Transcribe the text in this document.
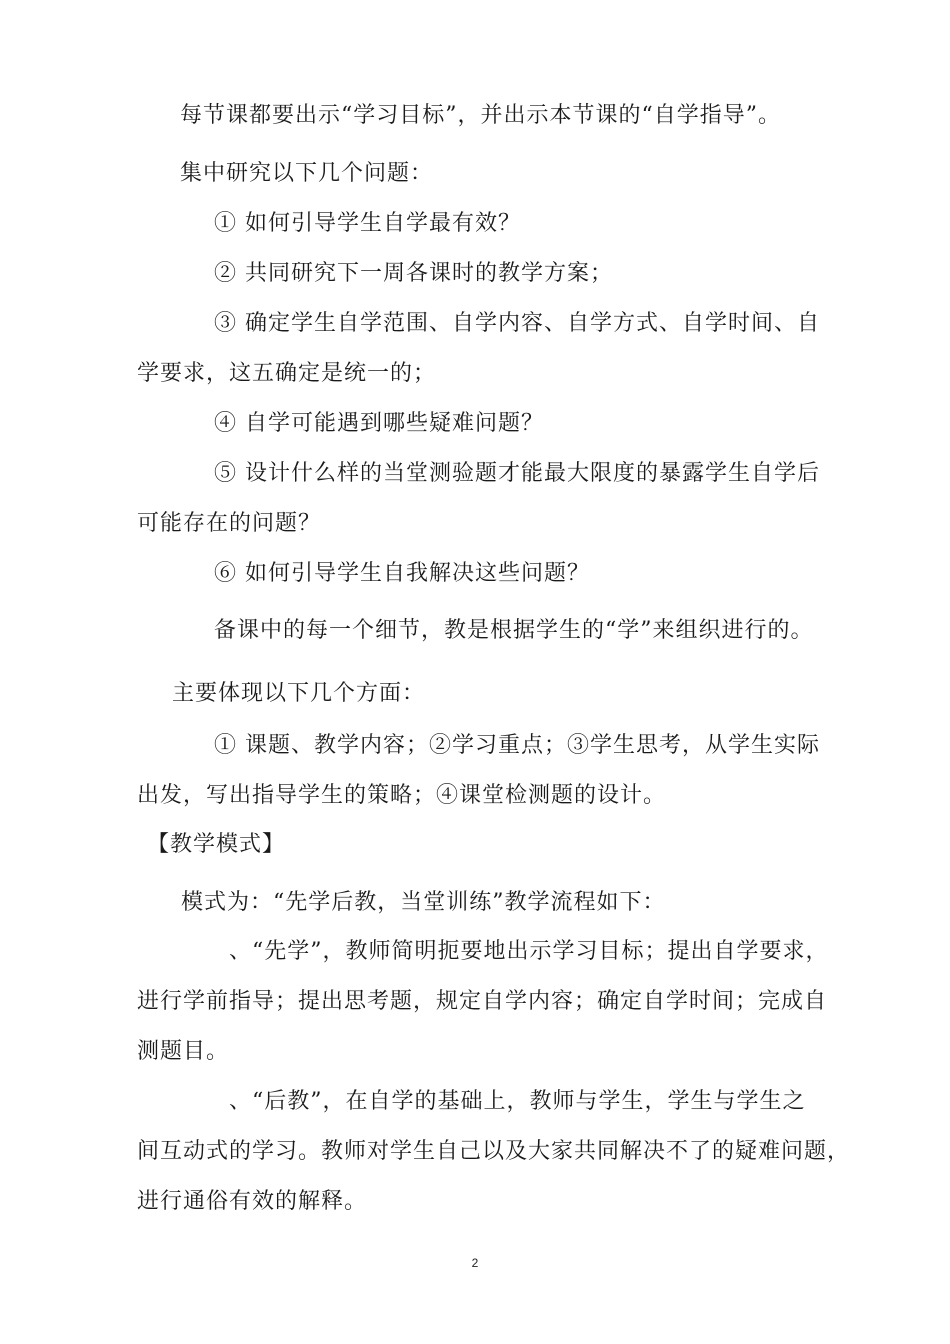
每节课都要出示“学习目标”，并出示本节课的“自学指导”。
集中研究以下几个问题：
① 如何引导学生自学最有效？
② 共同研究下一周各课时的教学方案；
③ 确定学生自学范围、自学内容、自学方式、自学时间、自
学要求，这五确定是统一的；
④ 自学可能遇到哪些疑难问题？
⑤ 设计什么样的当堂测验题才能最大限度的暴露学生自学后
可能存在的问题？
⑥ 如何引导学生自我解决这些问题？
备课中的每一个细节，教是根据学生的“学”来组织进行的。
主要体现以下几个方面：
① 课题、教学内容；②学习重点；③学生思考，从学生实际
出发，写出指导学生的策略；④课堂检测题的设计。
【教学模式】
模式为：“先学后教，当堂训练”教学流程如下：
、“先学”，教师简明扼要地出示学习目标；提出自学要求，
进行学前指导；提出思考题，规定自学内容；确定自学时间；完成自
测题目。
、“后教”，在自学的基础上，教师与学生，学生与学生之
间互动式的学习。教师对学生自己以及大家共同解决不了的疑难问题，
进行通俗有效的解释。
2
